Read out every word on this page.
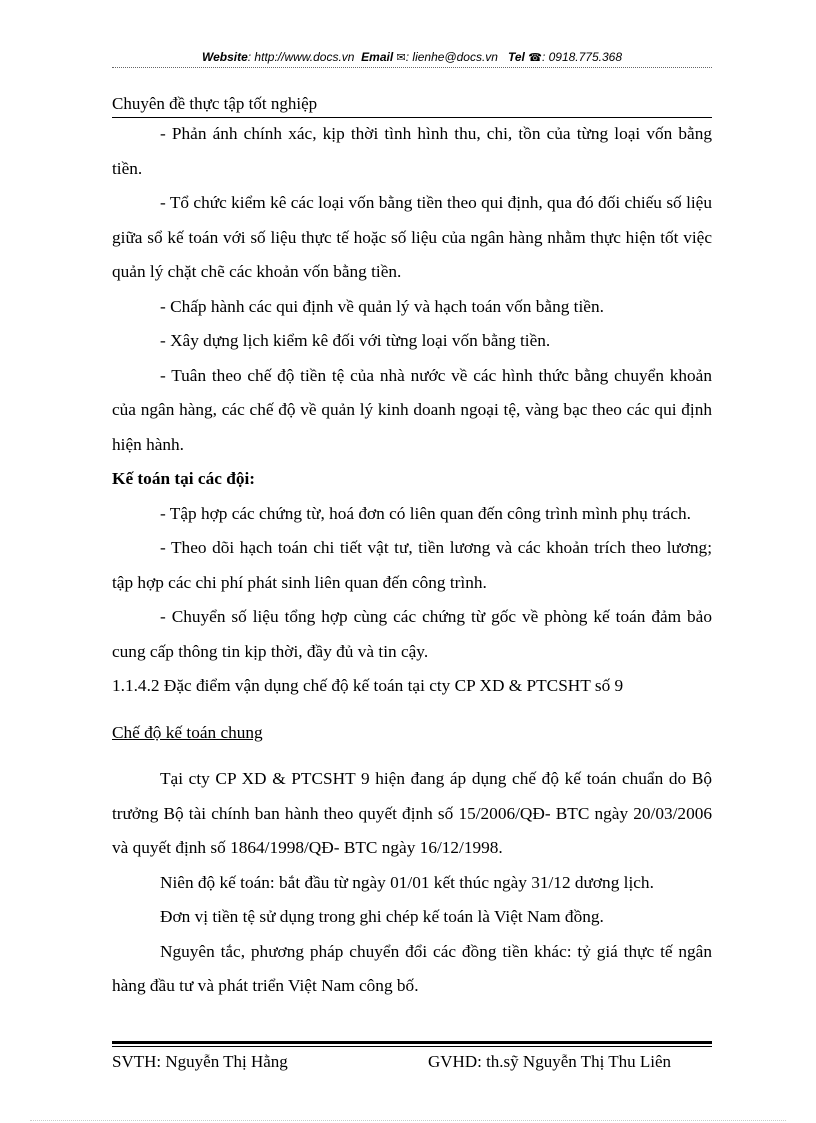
Website: http://www.docs.vn Email ✉: lienhe@docs.vn Tel ☎: 0918.775.368
Chuyên đề thực tập tốt nghiệp

- Phản ánh chính xác, kịp thời tình hình thu, chi, tồn của từng loại vốn bằng tiền.

- Tổ chức kiểm kê các loại vốn bằng tiền theo qui định, qua đó đối chiếu số liệu giữa sổ kế toán với số liệu thực tế hoặc số liệu của ngân hàng nhằm thực hiện tốt việc quản lý chặt chẽ các khoản vốn bằng tiền.

- Chấp hành các qui định về quản lý và hạch toán vốn bằng tiền.

- Xây dựng lịch kiểm kê đối với từng loại vốn bằng tiền.

- Tuân theo chế độ tiền tệ của nhà nước về các hình thức bằng chuyển khoản của ngân hàng, các chế độ về quản lý kinh doanh ngoại tệ, vàng bạc theo các qui định hiện hành.

Kế toán tại các đội:

- Tập hợp các chứng từ, hoá đơn có liên quan đến công trình mình phụ trách.

- Theo dõi hạch toán chi tiết vật tư, tiền lương và các khoản trích theo lương; tập hợp các chi phí phát sinh liên quan đến công trình.

- Chuyển số liệu tổng hợp cùng các chứng từ gốc về phòng kế toán đảm bảo cung cấp thông tin kịp thời, đầy đủ và tin cậy.

1.1.4.2 Đặc điểm vận dụng chế độ kế toán tại cty CP XD & PTCSHT số 9

Chế độ kế toán chung

Tại cty CP XD & PTCSHT 9 hiện đang áp dụng chế độ kế toán chuẩn do Bộ trưởng Bộ tài chính ban hành theo quyết định số 15/2006/QĐ- BTC ngày 20/03/2006 và quyết định số 1864/1998/QĐ- BTC ngày 16/12/1998.

Niên độ kế toán: bắt đầu từ ngày 01/01 kết thúc ngày 31/12 dương lịch.

Đơn vị tiền tệ sử dụng trong ghi chép kế toán là Việt Nam đồng.

Nguyên tắc, phương pháp chuyển đổi các đồng tiền khác: tỷ giá thực tế ngân hàng đầu tư và phát triển Việt Nam công bố.

SVTH: Nguyễn Thị Hằng	GVHD: th.sỹ Nguyễn Thị Thu Liên
